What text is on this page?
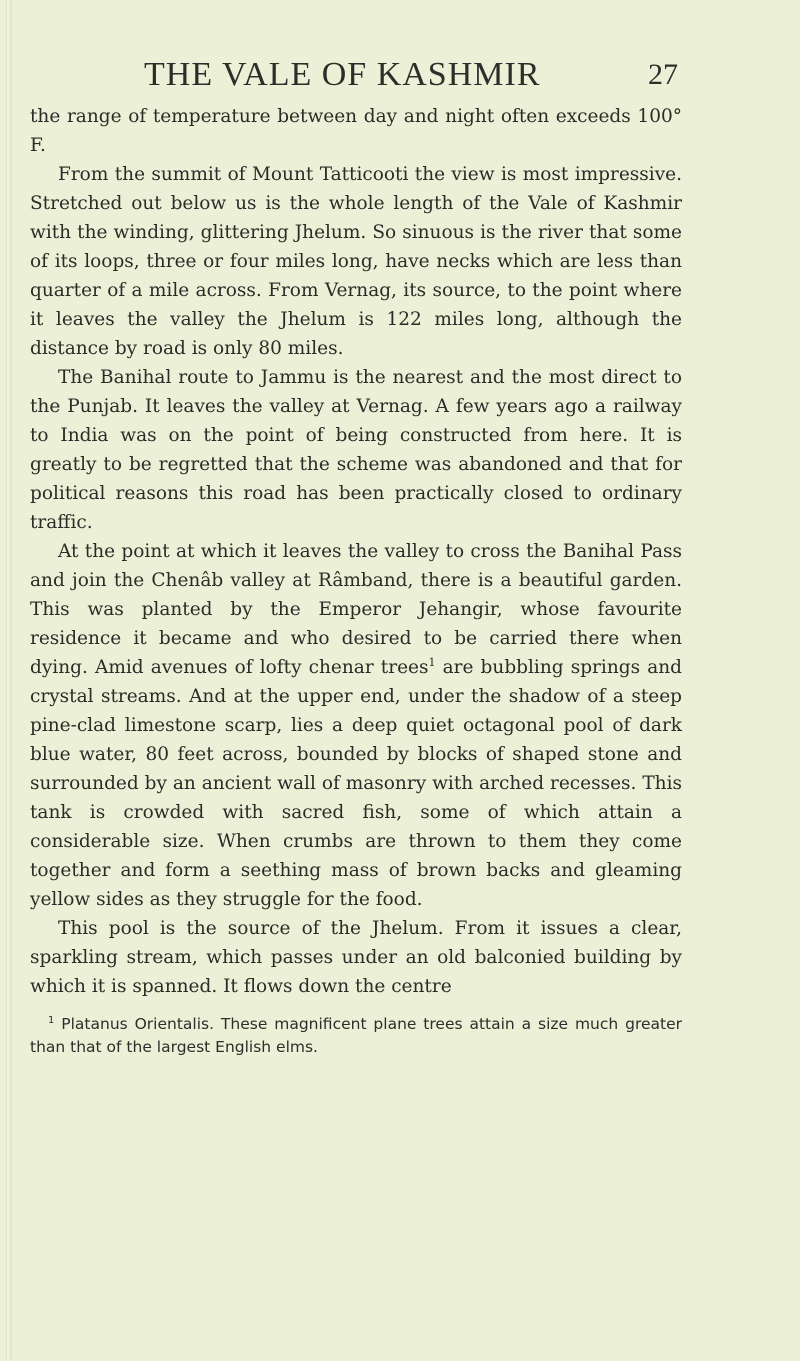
THE VALE OF KASHMIR	27

the range of temperature between day and night often exceeds 100° F.

From the summit of Mount Tatticooti the view is most impressive. Stretched out below us is the whole length of the Vale of Kashmir with the winding, glittering Jhelum. So sinuous is the river that some of its loops, three or four miles long, have necks which are less than quarter of a mile across. From Vernag, its source, to the point where it leaves the valley the Jhelum is 122 miles long, although the distance by road is only 80 miles.

The Banihal route to Jammu is the nearest and the most direct to the Punjab. It leaves the valley at Vernag. A few years ago a railway to India was on the point of being constructed from here. It is greatly to be regretted that the scheme was abandoned and that for political reasons this road has been practically closed to ordinary traffic.

At the point at which it leaves the valley to cross the Banihal Pass and join the Chenâb valley at Râmband, there is a beautiful garden. This was planted by the Emperor Jehangir, whose favourite residence it became and who desired to be carried there when dying. Amid avenues of lofty chenar trees$^1$ are bubbling springs and crystal streams. And at the upper end, under the shadow of a steep pine-clad limestone scarp, lies a deep quiet octagonal pool of dark blue water, 80 feet across, bounded by blocks of shaped stone and surrounded by an ancient wall of masonry with arched recesses. This tank is crowded with sacred fish, some of which attain a considerable size. When crumbs are thrown to them they come together and form a seething mass of brown backs and gleaming yellow sides as they struggle for the food.

This pool is the source of the Jhelum. From it issues a clear, sparkling stream, which passes under an old balconied building by which it is spanned. It flows down the centre

$^1$ Platanus Orientalis. These magnificent plane trees attain a size much greater than that of the largest English elms.
